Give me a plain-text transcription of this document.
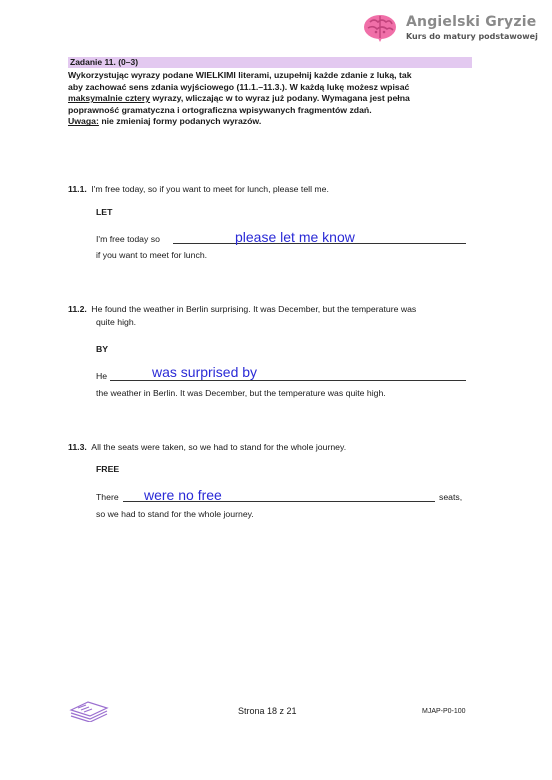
Angielski Gryzie
Kurs do matury podstawowej
Zadanie 11. (0–3)
Wykorzystując wyrazy podane WIELKIMI literami, uzupełnij każde zdanie z luką, tak
aby zachować sens zdania wyjściowego (11.1.–11.3.). W każdą lukę możesz wpisać
maksymalnie cztery wyrazy, wliczając w to wyraz już podany. Wymagana jest pełna
poprawność gramatyczna i ortograficzna wpisywanych fragmentów zdań.
Uwaga: nie zmieniaj formy podanych wyrazów.
11.1. I'm free today, so if you want to meet for lunch, please tell me.
LET
I'm free today so	please let me know
if you want to meet for lunch.
11.2. He found the weather in Berlin surprising. It was December, but the temperature was
quite high.
BY
He	was surprised by
the weather in Berlin. It was December, but the temperature was quite high.
11.3. All the seats were taken, so we had to stand for the whole journey.
FREE
There were no free	seats,
so we had to stand for the whole journey.
Strona 18 z 21	MJAP-P0-100
